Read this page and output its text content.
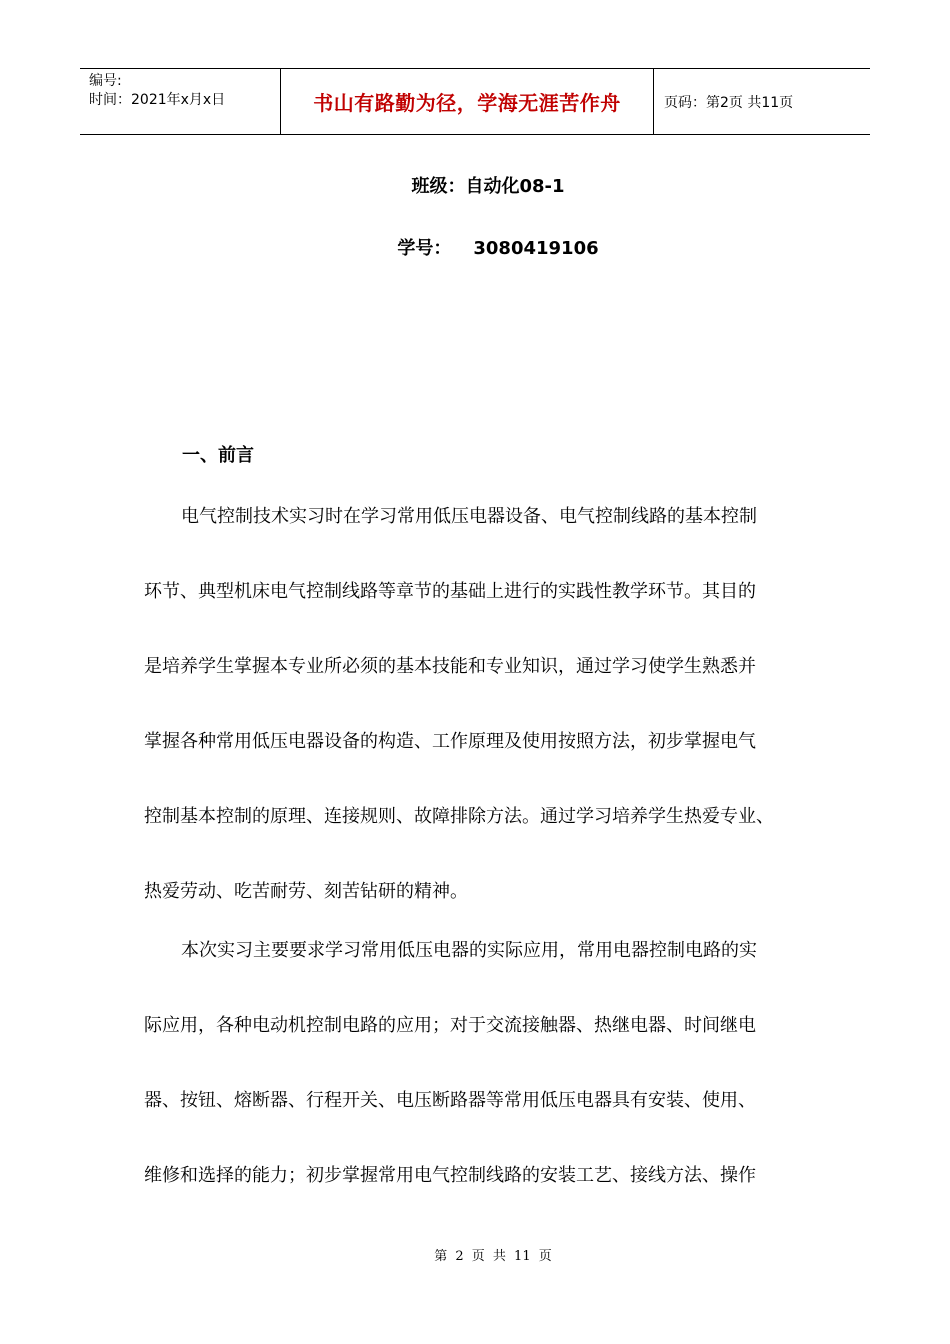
编号:
时间：2021年x月x日	书山有路勤为径，学海无涯苦作舟	页码：第2页 共11页
班级：自动化08-1
学号： 3080419106
一、前言

电气控制技术实习时在学习常用低压电器设备、电气控制线路的基本控制
环节、典型机床电气控制线路等章节的基础上进行的实践性教学环节。其目的
是培养学生掌握本专业所必须的基本技能和专业知识，通过学习使学生熟悉并
掌握各种常用低压电器设备的构造、工作原理及使用按照方法，初步掌握电气
控制基本控制的原理、连接规则、故障排除方法。通过学习培养学生热爱专业、
热爱劳动、吃苦耐劳、刻苦钻研的精神。

本次实习主要要求学习常用低压电器的实际应用，常用电器控制电路的实
际应用，各种电动机控制电路的应用；对于交流接触器、热继电器、时间继电
器、按钮、熔断器、行程开关、电压断路器等常用低压电器具有安装、使用、
维修和选择的能力；初步掌握常用电气控制线路的安装工艺、接线方法、操作

第 2 页 共 11 页
